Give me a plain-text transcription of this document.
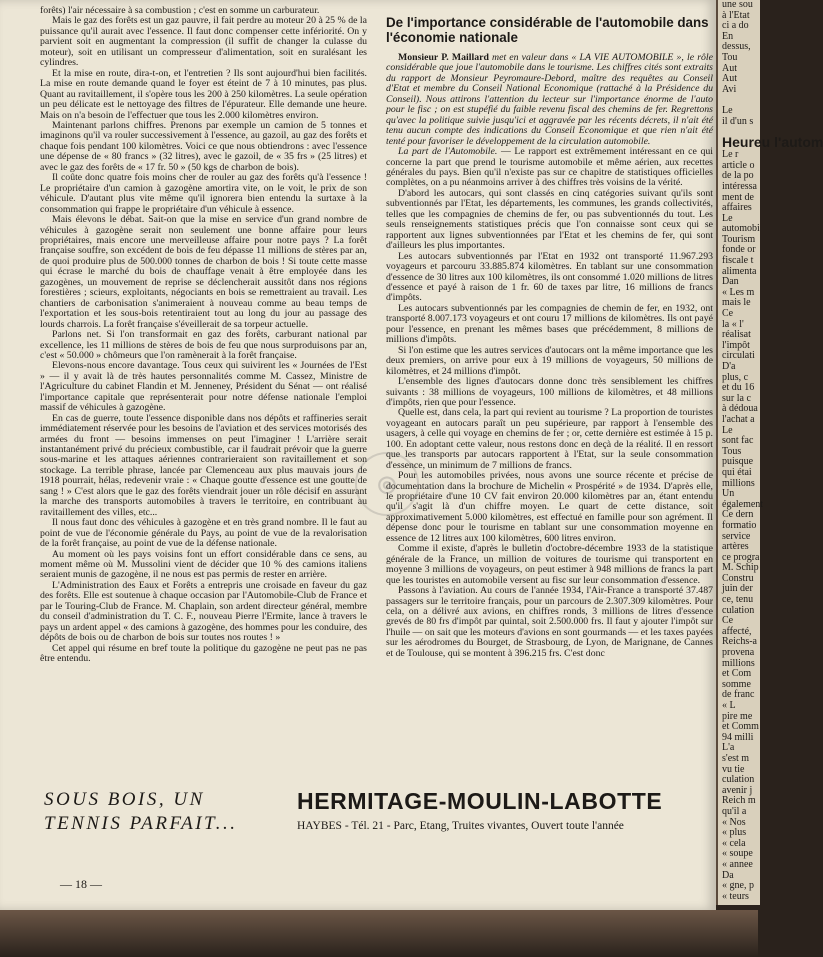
forêts) l'air nécessaire à sa combustion ; c'est en somme un carburateur.

Mais le gaz des forêts est un gaz pauvre, il fait perdre au moteur 20 à 25 % de la puissance qu'il aurait avec l'essence. Il faut donc compenser cette infériorité. On y parvient soit en augmentant la compression (il suffit de changer la culasse du moteur), soit en utilisant un compresseur d'alimentation, soit en suralésant les cylindres.

Et la mise en route, dira-t-on, et l'entretien ? Ils sont aujourd'hui bien facilités. La mise en route demande quand le foyer est éteint de 7 à 10 minutes, pas plus. Quant au ravitaillement, il s'opère tous les 200 à 250 kilomètres. La seule opération un peu délicate est le nettoyage des filtres de l'épurateur. Elle demande une heure. Mais on n'a besoin de l'effectuer que tous les 2.000 kilomètres environ.

Maintenant parlons chiffres. Prenons par exemple un camion de 5 tonnes et imaginons qu'il va rouler successivement à l'essence, au gazoil, au gaz des forêts et chaque fois pendant 100 kilomètres. Voici ce que nous obtiendrons : avec l'essence une dépense de « 80 francs » (32 litres), avec le gazoil, de « 35 frs » (25 litres) et avec le gaz des forêts de « 17 fr. 50 » (50 kgs de charbon de bois).

Il coûte donc quatre fois moins cher de rouler au gaz des forêts qu'à l'essence ! Le propriétaire d'un camion à gazogène amortira vite, on le voit, le prix de son véhicule. D'autant plus vite même qu'il ignorera bien entendu la surtaxe à la consommation qui frappe le propriétaire d'un véhicule à essence.

Mais élevons le débat. Sait-on que la mise en service d'un grand nombre de véhicules à gazogène serait non seulement une bonne affaire pour leurs propriétaires, mais encore une merveilleuse affaire pour notre pays ? La forêt française souffre, son excédent de bois de feu dépasse 11 millions de stères par an, de quoi produire plus de 500.000 tonnes de charbon de bois ! Si toute cette masse qui écrase le marché du bois de chauffage venait à être employée dans les gazogènes, un mouvement de reprise se déclencherait aussitôt dans nos régions forestières ; scieurs, exploitants, négociants en bois se remettraient au travail. Les chantiers de carbonisation s'animeraient à nouveau comme au beau temps de l'exportation et les sous-bois retentiraient tout au long du jour au passage des lourds charrois. La forêt française s'éveillerait de sa torpeur actuelle.

Parlons net. Si l'on transformait en gaz des forêts, carburant national par excellence, les 11 millions de stères de bois de feu que nous surproduisons par an, c'est « 50.000 » chômeurs que l'on ramènerait à la forêt française.

Elevons-nous encore davantage. Tous ceux qui suivirent les « Journées de l'Est » — il y avait là de très hautes personnalités comme M. Cassez, Ministre de l'Agriculture du cabinet Flandin et M. Jenneney, Président du Sénat — ont réalisé l'importance capitale que représenterait pour notre défense nationale l'emploi massif de véhicules à gazogène.

En cas de guerre, toute l'essence disponible dans nos dépôts et raffineries serait immédiatement réservée pour les besoins de l'aviation et des services motorisés des armées du front — besoins immenses on peut l'imaginer ! L'arrière serait instantanément privé du précieux combustible, car il faudrait prévoir que la guerre sous-marine et les attaques aériennes contrarieraient son ravitaillement et son stockage. La terrible phrase, lancée par Clemenceau aux plus mauvais jours de 1918 pourrait, hélas, redevenir vraie : « Chaque goutte d'essence est une goutte de sang ! » C'est alors que le gaz des forêts viendrait jouer un rôle décisif en assurant la marche des transports automobiles à travers le territoire, en contribuant au ravitaillement des villes, etc...

Il nous faut donc des véhicules à gazogène et en très grand nombre. Il le faut au point de vue de l'économie générale du Pays, au point de vue de la revalorisation de la forêt française, au point de vue de la défense nationale.

Au moment où les pays voisins font un effort considérable dans ce sens, au moment même où M. Mussolini vient de décider que 10 % des camions italiens seraient munis de gazogène, il ne nous est pas permis de rester en arrière.

L'Administration des Eaux et Forêts a entrepris une croisade en faveur du gaz des forêts. Elle est soutenue à chaque occasion par l'Automobile-Club de France et par le Touring-Club de France. M. Chaplain, son ardent directeur général, membre du conseil d'administration du T. C. F., nouveau Pierre l'Ermite, lance à travers le pays un ardent appel « des camions à gazogène, des hommes pour les conduire, des dépôts de bois ou de charbon de bois sur toutes nos routes ! »

Cet appel qui résume en bref toute la politique du gazogène ne peut pas ne pas être entendu.

De l'importance considérable de l'automobile dans l'économie nationale

Monsieur P. Maillard met en valeur dans « LA VIE AUTOMOBILE », le rôle considérable que joue l'automobile dans le tourisme. Les chiffres cités sont extraits du rapport de Monsieur Peyromaure-Debord, maître des requêtes au Conseil d'Etat et membre du Conseil National Economique (rattaché à la Présidence du Conseil). Nous attirons l'attention du lecteur sur l'importance énorme de l'auto pour le fisc ; on est stupéfié du faible revenu fiscal des chemins de fer. Regrettons qu'avec la politique suivie jusqu'ici et aggravée par les récents décrets, il n'ait été tenu aucun compte des indications du Conseil Economique et que rien n'ait été tenté pour favoriser le développement de la circulation automobile.

La part de l'Automobile. — Le rapport est extrêmement intéressant en ce qui concerne la part que prend le tourisme automobile et même aérien, aux recettes générales du pays. Bien qu'il n'existe pas sur ce chapitre de statistiques officielles complètes, on a pu néanmoins arriver à des chiffres très voisins de la vérité.

D'abord les autocars, qui sont classés en cinq catégories suivant qu'ils sont subventionnés par l'Etat, les départements, les communes, les grands collectivités, telles que les compagnies de chemins de fer, ou pas subventionnés du tout. Les seuls renseignements statistiques précis que l'on connaisse sont ceux qui se rapportent aux lignes subventionnées par l'Etat et les chemins de fer, qui sont d'ailleurs les plus importantes.

Les autocars subventionnés par l'Etat en 1932 ont transporté 11.967.293 voyageurs et parcouru 33.885.874 kilomètres. En tablant sur une consommation d'essence de 30 litres aux 100 kilomètres, ils ont consommé 1.020 millions de litres d'essence et payé à raison de 1 fr. 60 de taxes par litre, 16 millions de francs d'impôts.

Les autocars subventionnés par les compagnies de chemin de fer, en 1932, ont transporté 8.007.173 voyageurs et ont couru 17 millions de kilomètres. Ils ont payé pour l'essence, en prenant les mêmes bases que précédemment, 8 millions de millions d'impôts.

Si l'on estime que les autres services d'autocars ont la même importance que les deux premiers, on arrive pour eux à 19 millions de voyageurs, 50 millions de kilomètres, et 24 millions d'impôt.

L'ensemble des lignes d'autocars donne donc très sensiblement les chiffres suivants : 38 millions de voyageurs, 100 millions de kilomètres, et 48 millions d'impôts, rien que pour l'essence.

Quelle est, dans cela, la part qui revient au tourisme ? La proportion de touristes voyageant en autocars paraît un peu supérieure, par rapport à l'ensemble des usagers, à celle qui voyage en chemins de fer ; or, cette dernière est estimée à 15 p. 100. En adoptant cette valeur, nous restons donc en deçà de la réalité. Il en ressort que les transports par autocars rapportent à l'Etat, sur la seule consommation d'essence, un minimum de 7 millions de francs.

Pour les automobiles privées, nous avons une source récente et précise de documentation dans la brochure de Michelin « Prospérité » de 1934. D'après elle, le propriétaire d'une 10 CV fait environ 20.000 kilomètres par an, étant entendu qu'il s'agit là d'un chiffre moyen. Le quart de cette distance, soit approximativement 5.000 kilomètres, est effectué en famille pour son agrément. Il dépense donc pour le tourisme en tablant sur une consommation moyenne en essence de 12 litres aux 100 kilomètres, 600 litres environ.

Comme il existe, d'après le bulletin d'octobre-décembre 1933 de la statistique générale de la France, un million de voitures de tourisme qui transportent en moyenne 3 millions de voyageurs, on peut estimer à 948 millions de francs la part que les touristes en automobile versent au fisc sur leur consommation d'essence.

Passons à l'aviation. Au cours de l'année 1934, l'Air-France a transporté 37.487 passagers sur le territoire français, pour un parcours de 2.307.309 kilomètres. Pour cela, on a délivré aux avions, en chiffres ronds, 3 millions de litres d'essence grevés de 80 frs d'impôt par quintal, soit 2.500.000 frs. Il faut y ajouter l'impôt sur l'huile — on sait que les moteurs d'avions en sont gourmands — et les taxes payées sur les aérodromes du Bourget, de Strasbourg, de Lyon, de Marignane, de Cannes et de Toulouse, qui se montent à 396.215 frs. C'est donc

◎
SOUS BOIS, UN
TENNIS PARFAIT...
HERMITAGE-MOULIN-LABOTTE
HAYBES - Tél. 21 - Parc, Etang, Truites vivantes, Ouvert toute l'année
— 18 —

une sou

à l'Etat

ci a do

En

dessus,

Tou

Aut

Aut

Avi

Le

il d'un s

Heureu l'autom

Le r

article o

de la po

intéressa

ment de

affaires

Le

automobi

Tourism

fonde or

fiscale t

alimenta

Dan

« Les m

mais le

Ce

la « l'

réalisat

l'impôt

circulati

D'a

plus, c

et du 16

sur la c

à dédoua

l'achat a

Le

sont fac

Tous

puisque

qui étai

millions

Un

également

Ce dern

formatio

service

artères

ce progra

M. Schip

Constru

juin der

ce, tenu

culation

Ce

affecté,

Reichs-a

provena

millions

et Com

somme

de franc

« L

pire me

et Comm

94 milli

L'a

s'est m

vu tie

culation

avenir j

Reich m

qu'il a

« Nos

« plus

« cela

« soupe

« annee

Da

« gne, p

« teurs
